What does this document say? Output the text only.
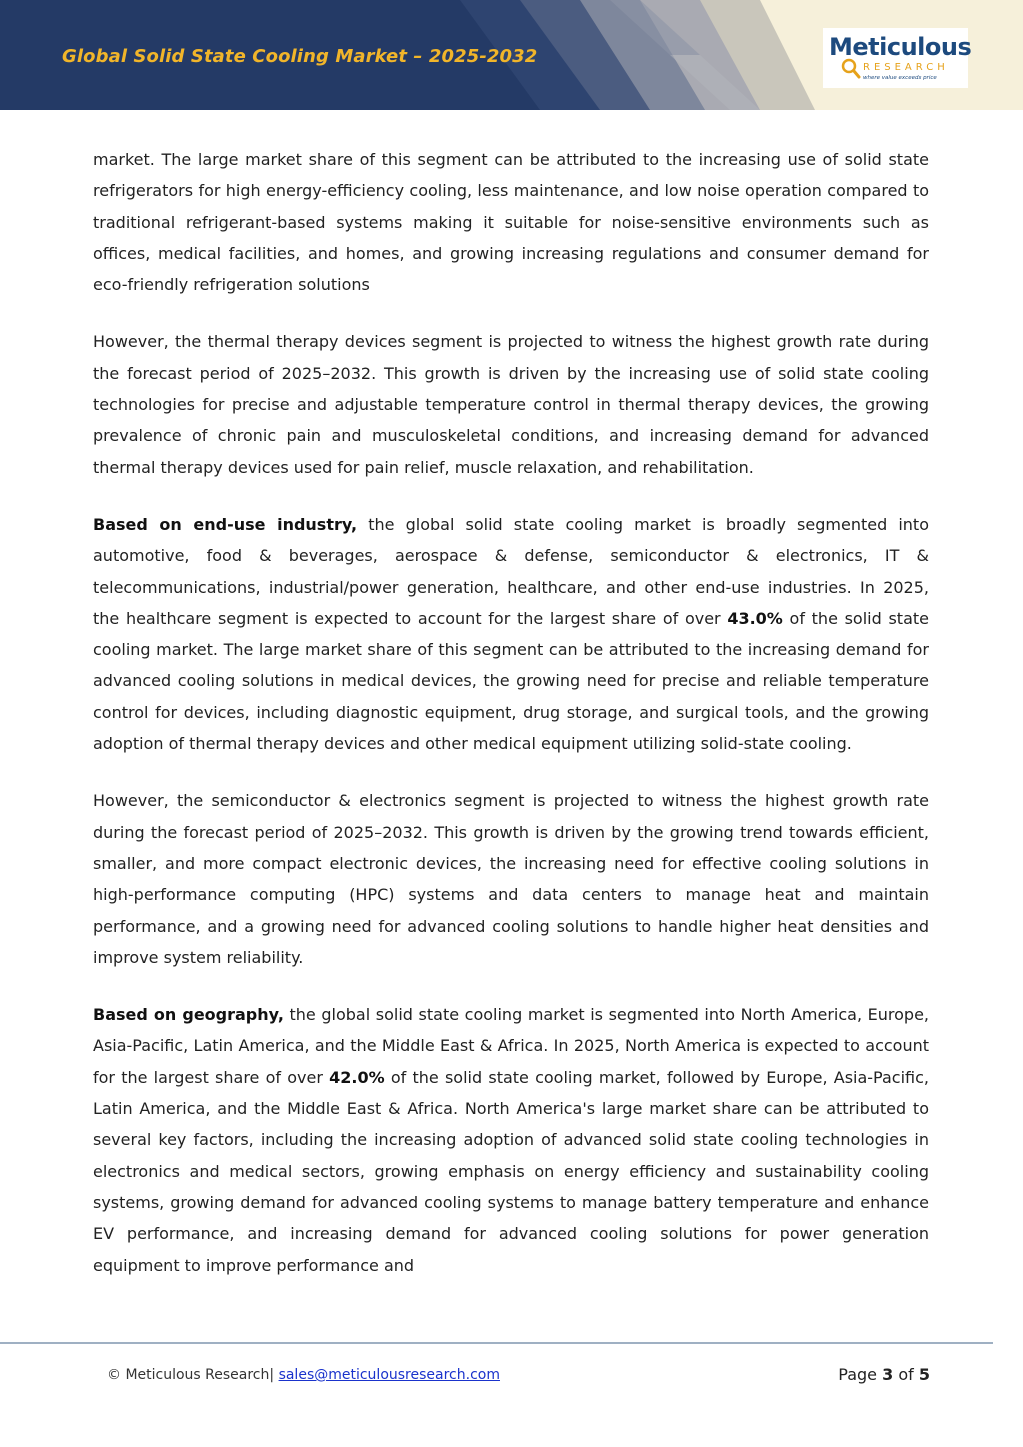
Global Solid State Cooling Market – 2025-2032	Meticulous
RESEARCH
where value exceeds price

market. The large market share of this segment can be attributed to the increasing use of solid state refrigerators for high energy-efficiency cooling, less maintenance, and low noise operation compared to traditional refrigerant-based systems making it suitable for noise-sensitive environments such as offices, medical facilities, and homes, and growing increasing regulations and consumer demand for eco-friendly refrigeration solutions

However, the thermal therapy devices segment is projected to witness the highest growth rate during the forecast period of 2025–2032. This growth is driven by the increasing use of solid state cooling technologies for precise and adjustable temperature control in thermal therapy devices, the growing prevalence of chronic pain and musculoskeletal conditions, and increasing demand for advanced thermal therapy devices used for pain relief, muscle relaxation, and rehabilitation.

Based on end-use industry, the global solid state cooling market is broadly segmented into automotive, food & beverages, aerospace & defense, semiconductor & electronics, IT & telecommunications, industrial/power generation, healthcare, and other end-use industries. In 2025, the healthcare segment is expected to account for the largest share of over 43.0% of the solid state cooling market. The large market share of this segment can be attributed to the increasing demand for advanced cooling solutions in medical devices, the growing need for precise and reliable temperature control for devices, including diagnostic equipment, drug storage, and surgical tools, and the growing adoption of thermal therapy devices and other medical equipment utilizing solid-state cooling.

However, the semiconductor & electronics segment is projected to witness the highest growth rate during the forecast period of 2025–2032. This growth is driven by the growing trend towards efficient, smaller, and more compact electronic devices, the increasing need for effective cooling solutions in high-performance computing (HPC) systems and data centers to manage heat and maintain performance, and a growing need for advanced cooling solutions to handle higher heat densities and improve system reliability.

Based on geography, the global solid state cooling market is segmented into North America, Europe, Asia-Pacific, Latin America, and the Middle East & Africa. In 2025, North America is expected to account for the largest share of over 42.0% of the solid state cooling market, followed by Europe, Asia-Pacific, Latin America, and the Middle East & Africa. North America's large market share can be attributed to several key factors, including the increasing adoption of advanced solid state cooling technologies in electronics and medical sectors, growing emphasis on energy efficiency and sustainability cooling systems, growing demand for advanced cooling systems to manage battery temperature and enhance EV performance, and increasing demand for advanced cooling solutions for power generation equipment to improve performance and

© Meticulous Research| sales@meticulousresearch.com	Page 3 of 5
